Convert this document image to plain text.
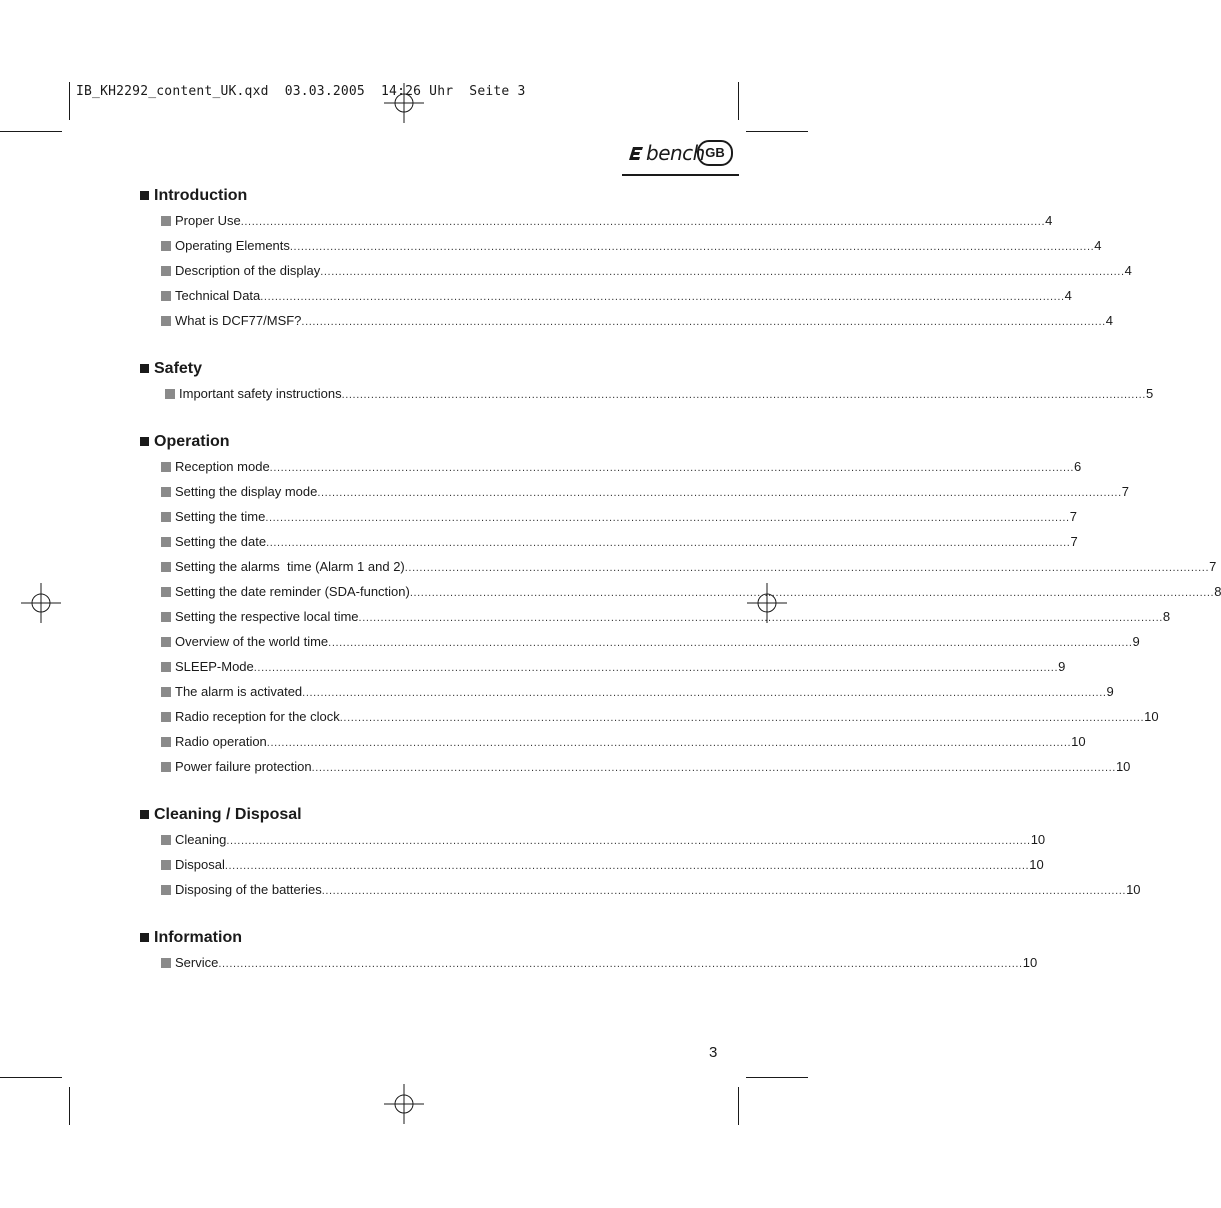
IB_KH2292_content_UK.qxd  03.03.2005  14:26 Uhr  Seite 3
bench GB
Introduction
Proper Use ............................................................................................................................................................................................................................ 4
Operating Elements ............................................................................................................................................................................................................................ 4
Description of the display ............................................................................................................................................................................................................................ 4
Technical Data ............................................................................................................................................................................................................................ 4
What is DCF77/MSF? ............................................................................................................................................................................................................................ 4
Safety
Important safety instructions ............................................................................................................................................................................................................................ 5
Operation
Reception mode ............................................................................................................................................................................................................................ 6
Setting the display mode ............................................................................................................................................................................................................................ 7
Setting the time ............................................................................................................................................................................................................................ 7
Setting the date ............................................................................................................................................................................................................................ 7
Setting the alarms  time (Alarm 1 and 2) ............................................................................................................................................................................................................................ 7
Setting the date reminder (SDA-function) ............................................................................................................................................................................................................................ 8
Setting the respective local time ............................................................................................................................................................................................................................ 8
Overview of the world time ............................................................................................................................................................................................................................ 9
SLEEP-Mode ............................................................................................................................................................................................................................ 9
The alarm is activated ............................................................................................................................................................................................................................ 9
Radio reception for the clock ............................................................................................................................................................................................................................ 10
Radio operation ............................................................................................................................................................................................................................ 10
Power failure protection ............................................................................................................................................................................................................................ 10
Cleaning / Disposal
Cleaning ............................................................................................................................................................................................................................ 10
Disposal ............................................................................................................................................................................................................................ 10
Disposing of the batteries ............................................................................................................................................................................................................................ 10
Information
Service ............................................................................................................................................................................................................................ 10
3
